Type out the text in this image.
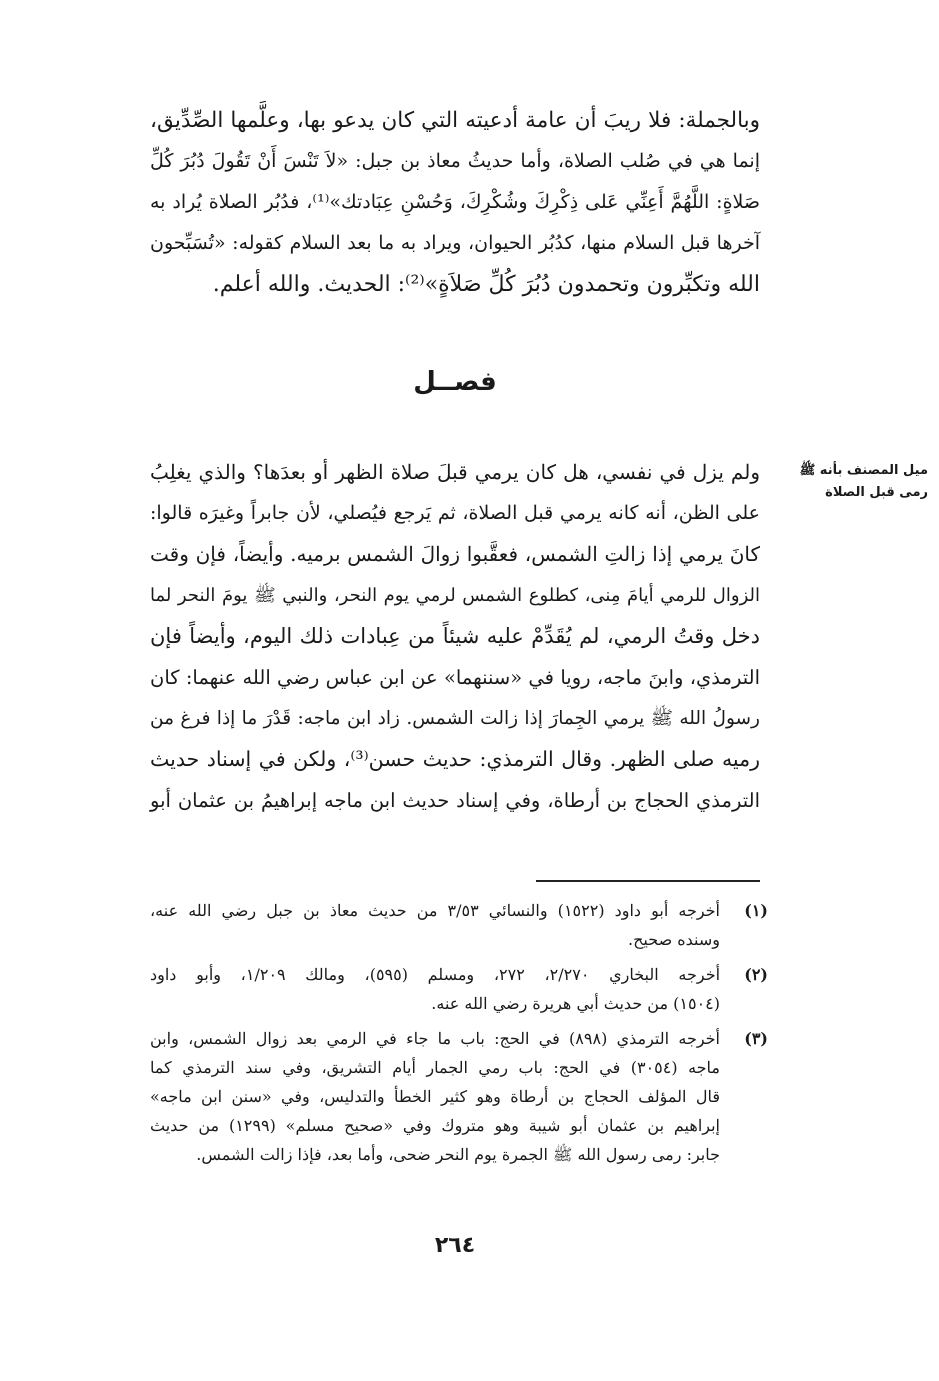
وبالجملة: فلا ريبَ أن عامة أدعيته التي كان يدعو بها، وعلَّمها الصِّدِّيق،
إنما هي في صُلب الصلاة، وأما حديثُ معاذ بن جبل: «لاَ تَنْسَ أَنْ تَقُولَ دُبُرَ كُلِّ
صَلاةٍ: اللَّهُمَّ أَعِنِّي عَلى ذِكْرِكَ وشُكْرِكَ، وَحُسْنِ عِبَادتك»⁽¹⁾، فدُبُر الصلاة يُراد به
آخرها قبل السلام منها، كدُبُر الحيوان، ويراد به ما بعد السلام كقوله: «تُسَبِّحون
الله وتكبِّرون وتحمدون دُبُرَ كُلِّ صَلاَةٍ»⁽²⁾: الحديث. والله أعلم.
فصــل
ميل المصنف بأنه ﷺ
رمى قبل الصلاة
ولم يزل في نفسي، هل كان يرمي قبلَ صلاة الظهر أو بعدَها؟ والذي يغلِبُ
على الظن، أنه كانه يرمي قبل الصلاة، ثم يَرجع فيُصلي، لأن جابراً وغيرَه قالوا:
كانَ يرمي إذا زالتِ الشمس، فعقَّبوا زوالَ الشمس برميه. وأيضاً، فإن وقت
الزوال للرمي أيامَ مِنى، كطلوع الشمس لرمي يوم النحر، والنبي ﷺ يومَ النحر لما
دخل وقتُ الرمي، لم يُقَدِّمْ عليه شيئاً من عِبادات ذلك اليوم، وأيضاً فإن
الترمذي، وابنَ ماجه، رويا في «سننهما» عن ابن عباس رضي الله عنهما: كان
رسولُ الله ﷺ يرمي الجِمارَ إذا زالت الشمس. زاد ابن ماجه: قَدْرَ ما إذا فرغ من
رميه صلى الظهر. وقال الترمذي: حديث حسن⁽³⁾، ولكن في إسناد حديث
الترمذي الحجاج بن أرطاة، وفي إسناد حديث ابن ماجه إبراهيمُ بن عثمان أبو
(١)
أخرجه أبو داود (١٥٢٢) والنسائي ٣/٥٣ من حديث معاذ بن جبل رضي الله عنه،
وسنده صحيح.
(٢)
أخرجه البخاري ٢/٢٧٠، ٢٧٢، ومسلم (٥٩٥)، ومالك ١/٢٠٩، وأبو داود
(١٥٠٤) من حديث أبي هريرة رضي الله عنه.
(٣)
أخرجه الترمذي (٨٩٨) في الحج: باب ما جاء في الرمي بعد زوال الشمس، وابن
ماجه (٣٠٥٤) في الحج: باب رمي الجمار أيام التشريق، وفي سند الترمذي كما
قال المؤلف الحجاج بن أرطاة وهو كثير الخطأ والتدليس، وفي «سنن ابن ماجه»
إبراهيم بن عثمان أبو شيبة وهو متروك وفي «صحيح مسلم» (١٢٩٩) من حديث
جابر: رمى رسول الله ﷺ الجمرة يوم النحر ضحى، وأما بعد، فإذا زالت الشمس.
٢٦٤
